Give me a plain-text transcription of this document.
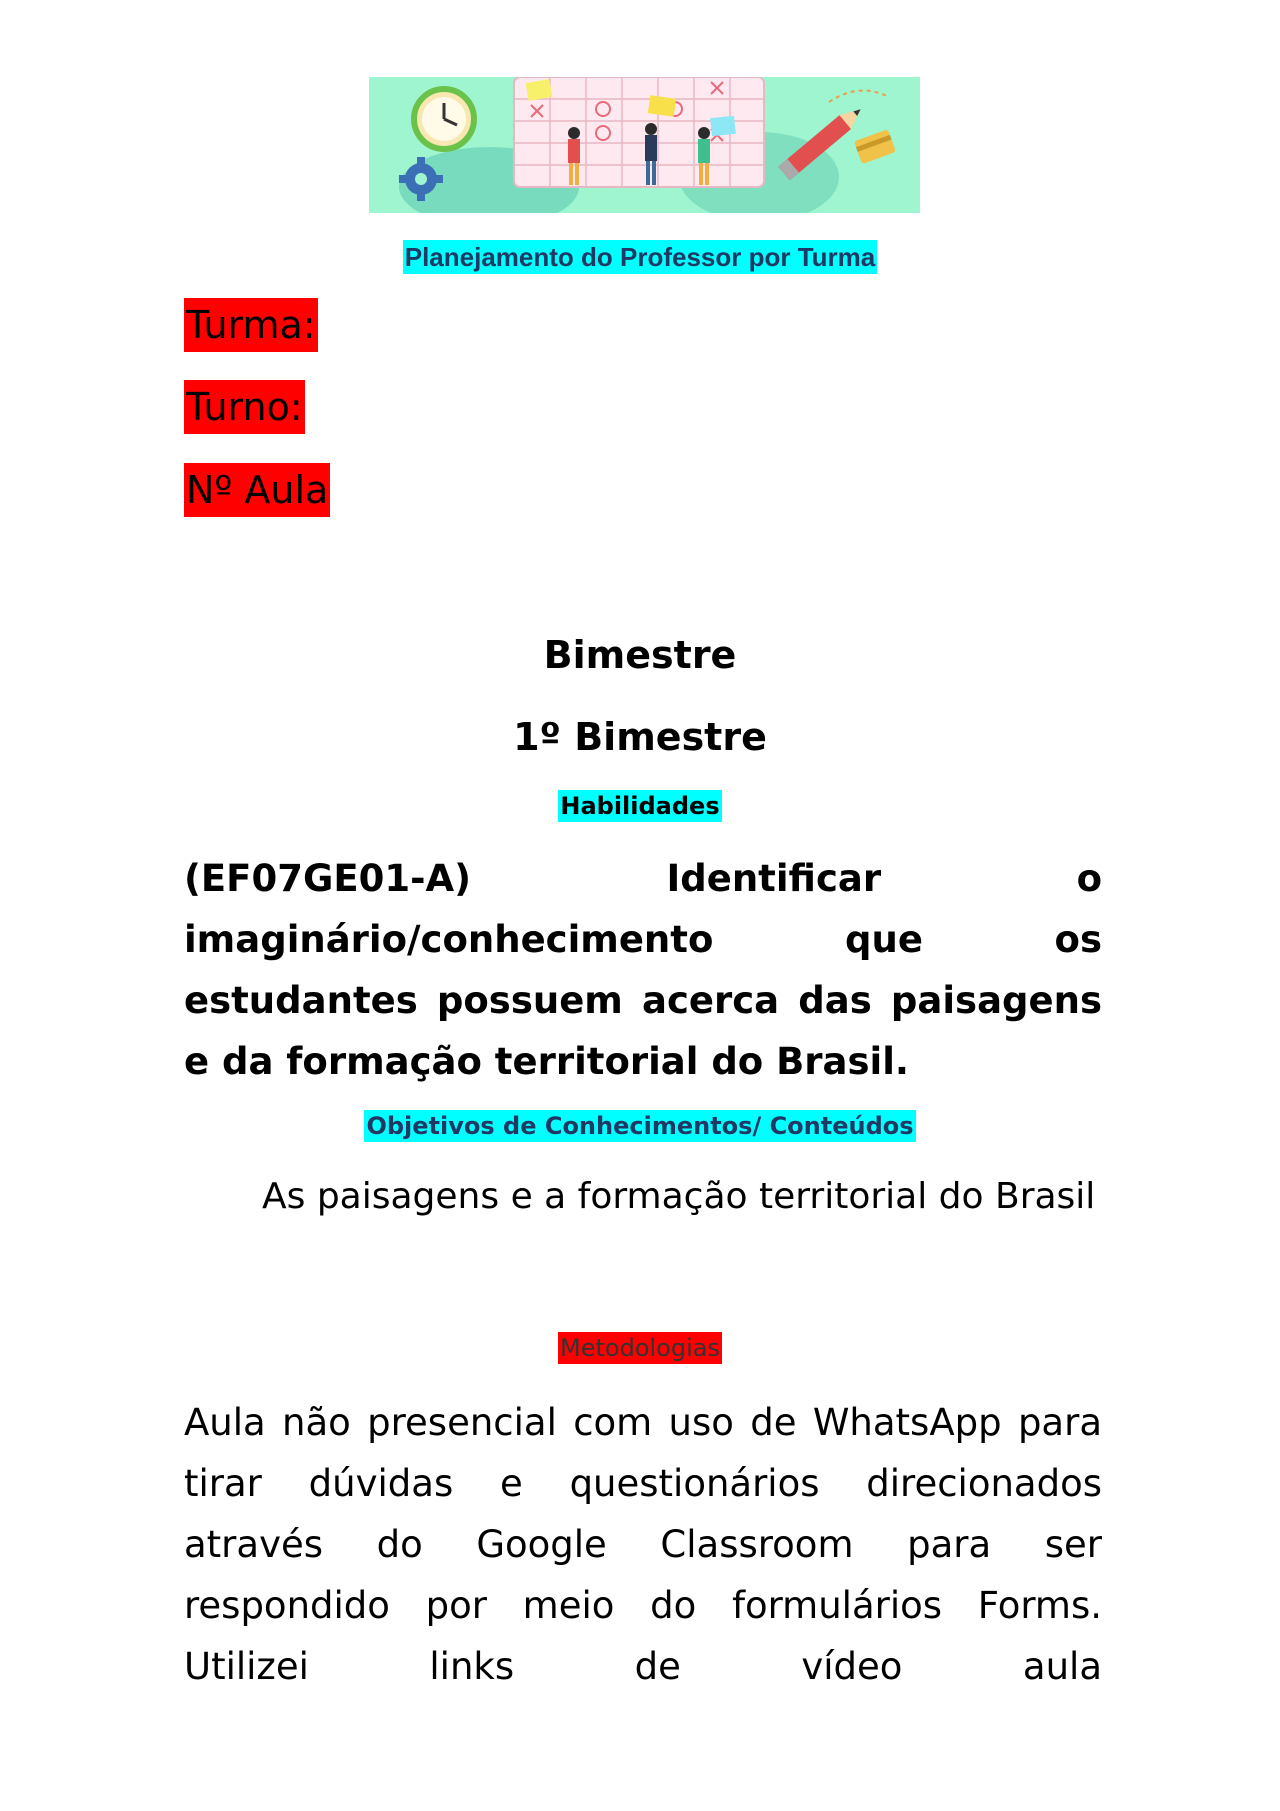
Planejamento do Professor por Turma
Turma:
Turno:
Nº Aula
Bimestre
1º Bimestre
Habilidades
(EF07GE01-A) Identificar o imaginário/conhecimento que os estudantes possuem acerca das paisagens e da formação territorial do Brasil.
Objetivos de Conhecimentos/ Conteúdos
As paisagens e a formação territorial do Brasil
Metodologias
Aula não presencial com uso de WhatsApp para tirar dúvidas e questionários direcionados através do Google Classroom para ser respondido por meio do formulários Forms. Utilizei links de vídeo aula
